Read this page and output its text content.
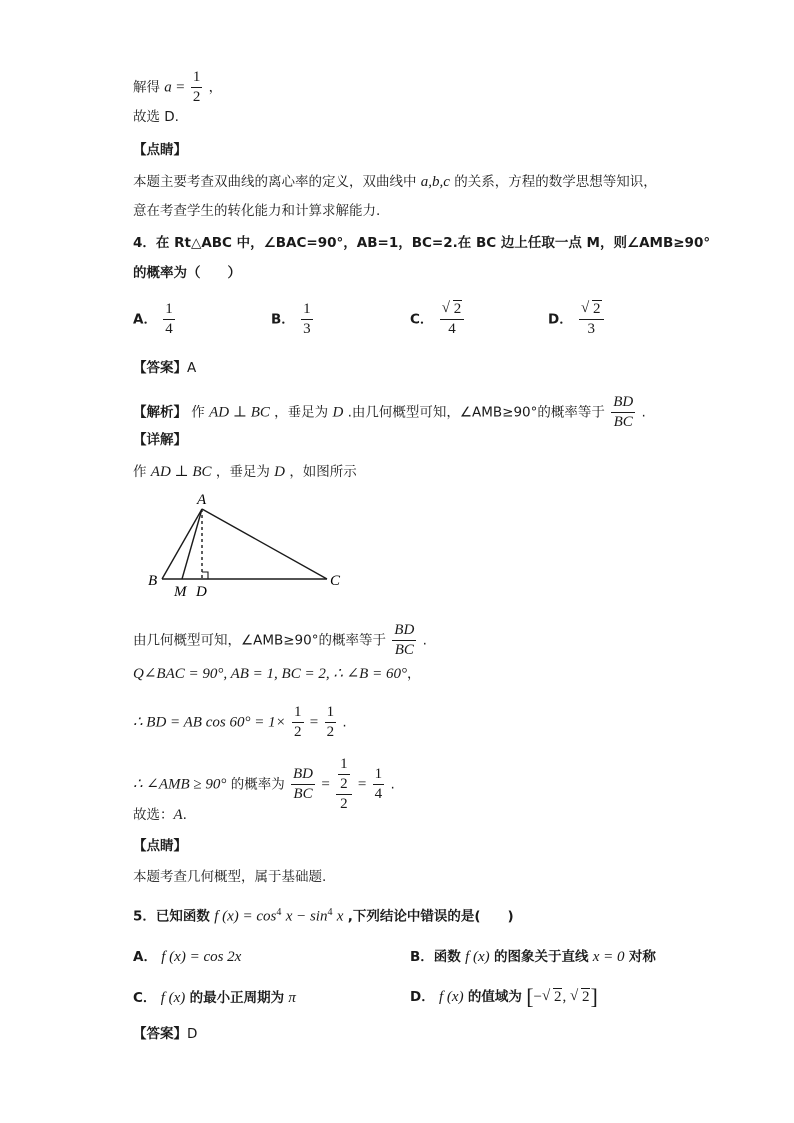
解得 $a = \frac{1}{2}$ ，
故选 D.
【点睛】
本题主要考查双曲线的离心率的定义，双曲线中 a,b,c 的关系，方程的数学思想等知识，
意在考查学生的转化能力和计算求解能力.
4．在 Rt△ABC 中，∠BAC=90°，AB=1，BC=2.在 BC 边上任取一点 M，则∠AMB≥90°
的概率为（　　）
A． $\frac{1}{4}$	B． $\frac{1}{3}$	C． √ $\frac{2}{4}$	D． √ $\frac{2}{3}$
【答案】A
【解析】 作 AD ⊥ BC ，垂足为 D .由几何概型可知，∠AMB≥90°的概率等于 $\frac{BD}{BC}$ .
【详解】
作 AD ⊥ BC ，垂足为 D ，如图所示
A
B
M D
C
由几何概型可知，∠AMB≥90°的概率等于 $\frac{BD}{BC}$ .
Q∠BAC = 90°, AB = 1, BC = 2, ∴ ∠B = 60°，
∴ BD = AB $\cos 60^\circ = 1\times \frac{1}{2} = \frac{1}{2}$ .
∴ ∠AMB ≥ 90° 的概率为 $\frac{BD}{BC} = \frac{\frac{1}{2}}{2} = \frac{1}{4}$ .
故选：A.
【点睛】
本题考查几何概型，属于基础题.
5．已知函数 f $(x) = \cos^4 x - \sin^4 x$ ,下列结论中错误的是(　　)
A． f (x) = cos 2x	B．函数 f (x) 的图象关于直线 x = 0 对称
C． f (x) 的最小正周期为 π	D． f (x) 的值域为 [− √ 2, √ 2]
【答案】D
